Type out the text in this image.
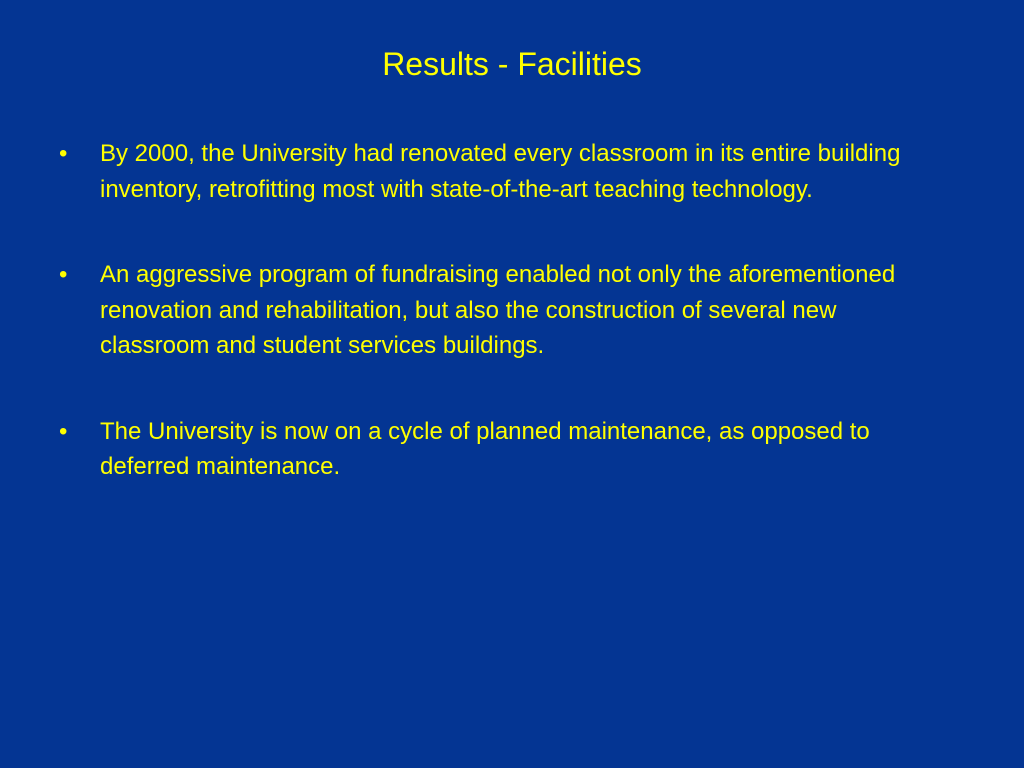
Results - Facilities
•	By 2000, the University had renovated every classroom in its entire building inventory, retrofitting most with state-of-the-art teaching technology.
•	An aggressive program of fundraising enabled not only the aforementioned renovation and rehabilitation, but also the construction of several new classroom and student services buildings.
•	The University is now on a cycle of planned maintenance, as opposed to deferred maintenance.
